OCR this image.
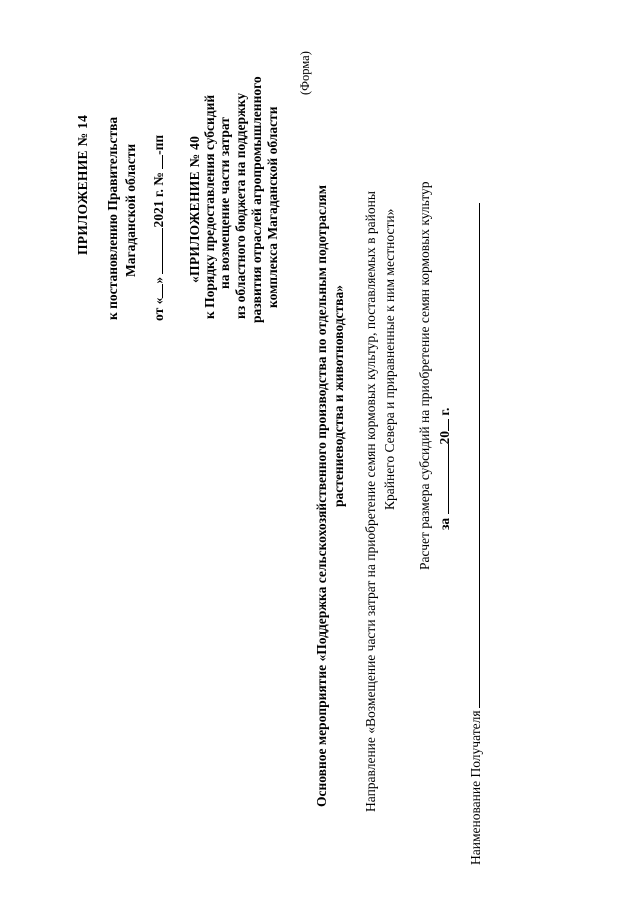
ПРИЛОЖЕНИЕ № 14 к постановлению Правительства Магаданской области
от «» 2021 г. № -пп «ПРИЛОЖЕНИЕ № 40 к Порядку предоставления субсидий на возмещение части затрат из областного бюджета на поддержку развития отраслей агропромышленного комплекса Магаданской области
(Форма)
Основное мероприятие «Поддержка сельскохозяйственного производства по отдельным подотраслям растениеводства и животноводства» Направление «Возмещение части затрат на приобретение семян кормовых культур, поставляемых в районы Крайнего Севера и приравненные к ним местности» Расчет размера субсидий на приобретение семян кормовых культур за 20 г.
Наименование Получателя
